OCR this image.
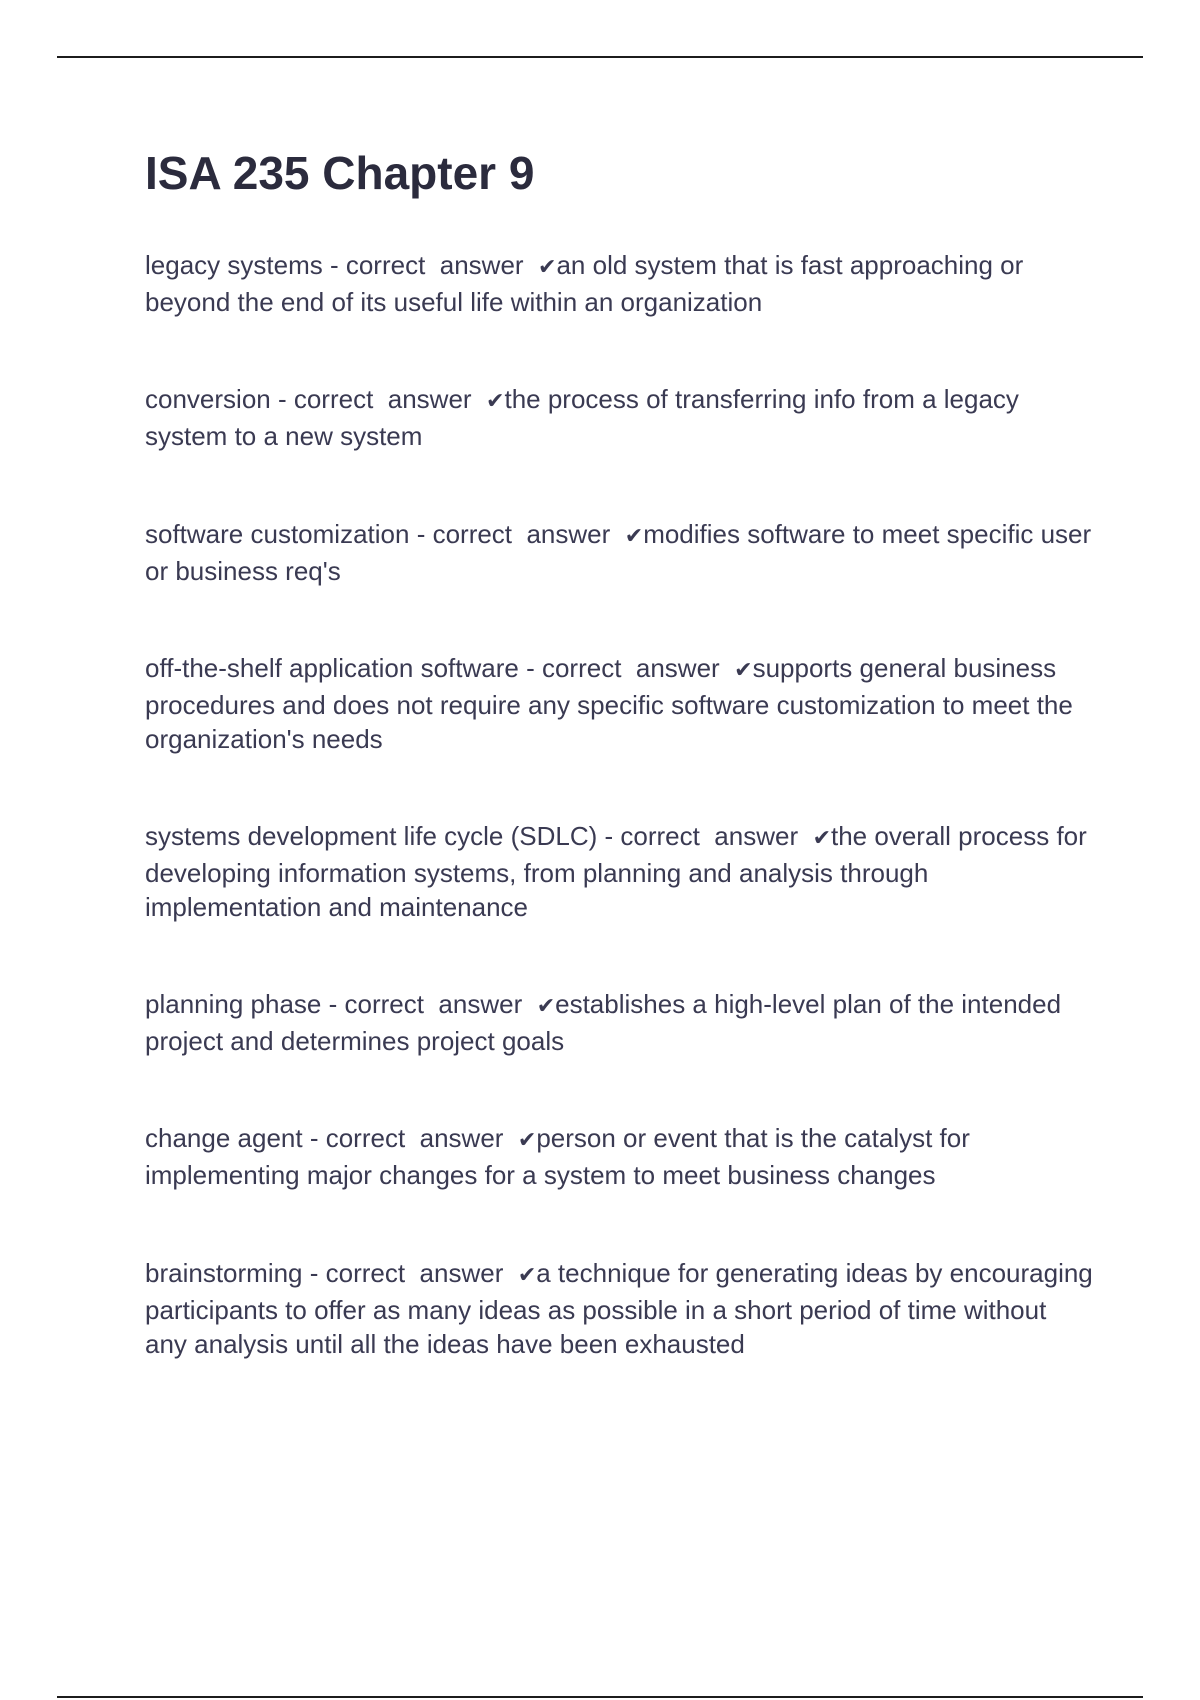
ISA 235 Chapter 9

legacy systems - correct  answer  ✔an old system that is fast approaching or beyond the end of its useful life within an organization

conversion - correct  answer  ✔the process of transferring info from a legacy system to a new system

software customization - correct  answer  ✔modifies software to meet specific user or business req's

off-the-shelf application software - correct  answer  ✔supports general business procedures and does not require any specific software customization to meet the organization's needs

systems development life cycle (SDLC) - correct  answer  ✔the overall process for developing information systems, from planning and analysis through implementation and maintenance

planning phase - correct  answer  ✔establishes a high-level plan of the intended project and determines project goals

change agent - correct  answer  ✔person or event that is the catalyst for implementing major changes for a system to meet business changes

brainstorming - correct  answer  ✔a technique for generating ideas by encouraging participants to offer as many ideas as possible in a short period of time without any analysis until all the ideas have been exhausted
